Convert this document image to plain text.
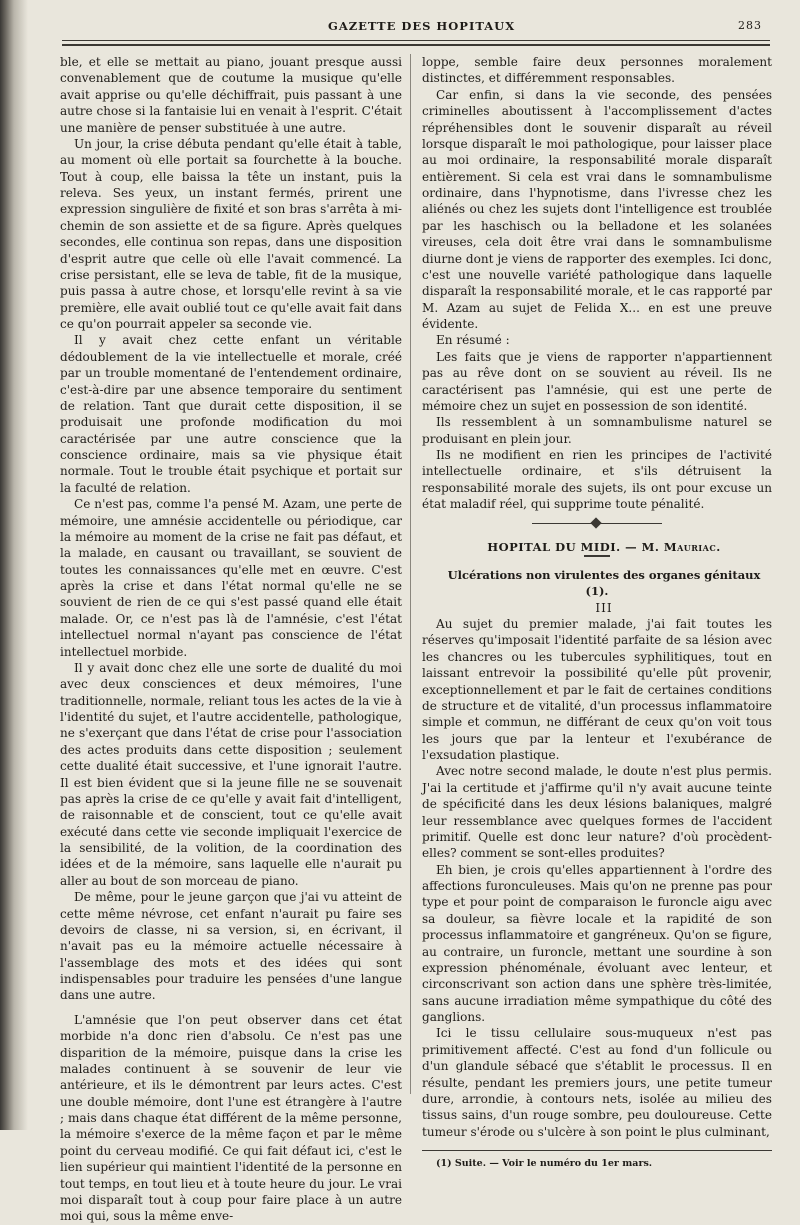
GAZETTE DES HOPITAUX	283

ble, et elle se mettait au piano, jouant presque aussi convenablement que de coutume la musique qu'elle avait apprise ou qu'elle déchiffrait, puis passant à une autre chose si la fantaisie lui en venait à l'esprit. C'était une manière de penser substituée à une autre.

Un jour, la crise débuta pendant qu'elle était à table, au moment où elle portait sa fourchette à la bouche. Tout à coup, elle baissa la tête un instant, puis la releva. Ses yeux, un instant fermés, prirent une expression singulière de fixité et son bras s'arrêta à mi-chemin de son assiette et de sa figure. Après quelques secondes, elle continua son repas, dans une disposition d'esprit autre que celle où elle l'avait commencé. La crise persistant, elle se leva de table, fit de la musique, puis passa à autre chose, et lorsqu'elle revint à sa vie première, elle avait oublié tout ce qu'elle avait fait dans ce qu'on pourrait appeler sa seconde vie.

Il y avait chez cette enfant un véritable dédoublement de la vie intellectuelle et morale, créé par un trouble momentané de l'entendement ordinaire, c'est-à-dire par une absence temporaire du sentiment de relation. Tant que durait cette disposition, il se produisait une profonde modification du moi caractérisée par une autre conscience que la conscience ordinaire, mais sa vie physique était normale. Tout le trouble était psychique et portait sur la faculté de relation.

Ce n'est pas, comme l'a pensé M. Azam, une perte de mémoire, une amnésie accidentelle ou périodique, car la mémoire au moment de la crise ne fait pas défaut, et la malade, en causant ou travaillant, se souvient de toutes les connaissances qu'elle met en œuvre. C'est après la crise et dans l'état normal qu'elle ne se souvient de rien de ce qui s'est passé quand elle était malade. Or, ce n'est pas là de l'amnésie, c'est l'état intellectuel normal n'ayant pas conscience de l'état intellectuel morbide.

Il y avait donc chez elle une sorte de dualité du moi avec deux consciences et deux mémoires, l'une traditionnelle, normale, reliant tous les actes de la vie à l'identité du sujet, et l'autre accidentelle, pathologique, ne s'exerçant que dans l'état de crise pour l'association des actes produits dans cette disposition ; seulement cette dualité était successive, et l'une ignorait l'autre. Il est bien évident que si la jeune fille ne se souvenait pas après la crise de ce qu'elle y avait fait d'intelligent, de raisonnable et de conscient, tout ce qu'elle avait exécuté dans cette vie seconde impliquait l'exercice de la sensibilité, de la volition, de la coordination des idées et de la mémoire, sans laquelle elle n'aurait pu aller au bout de son morceau de piano.

De même, pour le jeune garçon que j'ai vu atteint de cette même névrose, cet enfant n'aurait pu faire ses devoirs de classe, ni sa version, si, en écrivant, il n'avait pas eu la mémoire actuelle nécessaire à l'assemblage des mots et des idées qui sont indispensables pour traduire les pensées d'une langue dans une autre.

L'amnésie que l'on peut observer dans cet état morbide n'a donc rien d'absolu. Ce n'est pas une disparition de la mémoire, puisque dans la crise les malades continuent à se souvenir de leur vie antérieure, et ils le démontrent par leurs actes. C'est une double mémoire, dont l'une est étrangère à l'autre ; mais dans chaque état différent de la même personne, la mémoire s'exerce de la même façon et par le même point du cerveau modifié. Ce qui fait défaut ici, c'est le lien supérieur qui maintient l'identité de la personne en tout temps, en tout lieu et à toute heure du jour. Le vrai moi disparaît tout à coup pour faire place à un autre moi qui, sous la même enve-

loppe, semble faire deux personnes moralement distinctes, et différemment responsables.

Car enfin, si dans la vie seconde, des pensées criminelles aboutissent à l'accomplissement d'actes répréhensibles dont le souvenir disparaît au réveil lorsque disparaît le moi pathologique, pour laisser place au moi ordinaire, la responsabilité morale disparaît entièrement. Si cela est vrai dans le somnambulisme ordinaire, dans l'hypnotisme, dans l'ivresse chez les aliénés ou chez les sujets dont l'intelligence est troublée par les haschisch ou la belladone et les solanées vireuses, cela doit être vrai dans le somnambulisme diurne dont je viens de rapporter des exemples. Ici donc, c'est une nouvelle variété pathologique dans laquelle disparaît la responsabilité morale, et le cas rapporté par M. Azam au sujet de Felida X... en est une preuve évidente.

En résumé :

Les faits que je viens de rapporter n'appartiennent pas au rêve dont on se souvient au réveil. Ils ne caractérisent pas l'amnésie, qui est une perte de mémoire chez un sujet en possession de son identité.

Ils ressemblent à un somnambulisme naturel se produisant en plein jour.

Ils ne modifient en rien les principes de l'activité intellectuelle ordinaire, et s'ils détruisent la responsabilité morale des sujets, ils ont pour excuse un état maladif réel, qui supprime toute pénalité.

HOPITAL DU MIDI. — M. Mauriac.

Ulcérations non virulentes des organes génitaux (1).

III

Au sujet du premier malade, j'ai fait toutes les réserves qu'imposait l'identité parfaite de sa lésion avec les chancres ou les tubercules syphilitiques, tout en laissant entrevoir la possibilité qu'elle pût provenir, exceptionnellement et par le fait de certaines conditions de structure et de vitalité, d'un processus inflammatoire simple et commun, ne différant de ceux qu'on voit tous les jours que par la lenteur et l'exubérance de l'exsudation plastique.

Avec notre second malade, le doute n'est plus permis. J'ai la certitude et j'affirme qu'il n'y avait aucune teinte de spécificité dans les deux lésions balaniques, malgré leur ressemblance avec quelques formes de l'accident primitif. Quelle est donc leur nature? d'où procèdent-elles? comment se sont-elles produites?

Eh bien, je crois qu'elles appartiennent à l'ordre des affections furonculeuses. Mais qu'on ne prenne pas pour type et pour point de comparaison le furoncle aigu avec sa douleur, sa fièvre locale et la rapidité de son processus inflammatoire et gangréneux. Qu'on se figure, au contraire, un furoncle, mettant une sourdine à son expression phénoménale, évoluant avec lenteur, et circonscrivant son action dans une sphère très-limitée, sans aucune irradiation même sympathique du côté des ganglions.

Ici le tissu cellulaire sous-muqueux n'est pas primitivement affecté. C'est au fond d'un follicule ou d'un glandule sébacé que s'établit le processus. Il en résulte, pendant les premiers jours, une petite tumeur dure, arrondie, à contours nets, isolée au milieu des tissus sains, d'un rouge sombre, peu douloureuse. Cette tumeur s'érode ou s'ulcère à son point le plus culminant,

(1) Suite. — Voir le numéro du 1er mars.
